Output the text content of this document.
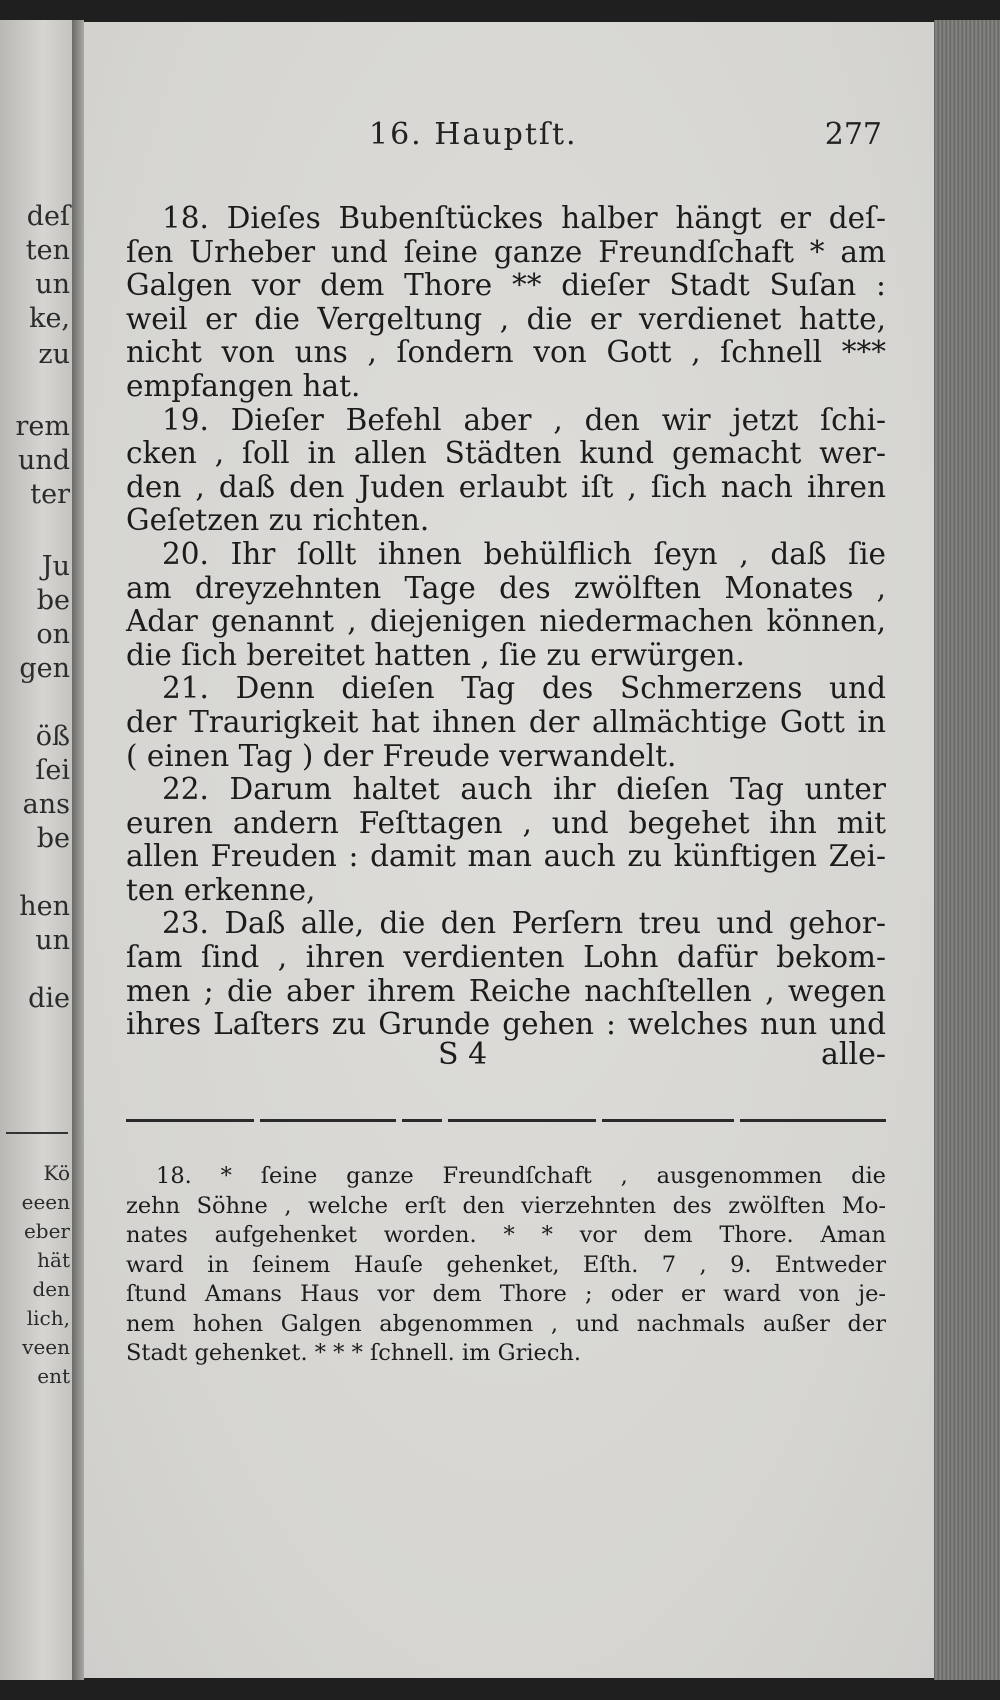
deſ
ten
un
ke,
zu
rem
und
ter
Ju
be
on
gen
öß
ſei
ans
be
hen
un
die
Kö
eeen
eber
hät
den
lich,
veen
ent
16. Hauptſt.	277
18. Dieſes Bubenſtückes halber hängt er deſ-
ſen Urheber und ſeine ganze Freundſchaft * am
Galgen vor dem Thore ** dieſer Stadt Suſan :
weil er die Vergeltung , die er verdienet hatte,
nicht von uns , ſondern von Gott , ſchnell ***
empfangen hat.
19. Dieſer Befehl aber , den wir jetzt ſchi-
cken , ſoll in allen Städten kund gemacht wer-
den , daß den Juden erlaubt iſt , ſich nach ihren
Geſetzen zu richten.
20. Ihr ſollt ihnen behülflich ſeyn , daß ſie
am dreyzehnten Tage des zwölften Monates ,
Adar genannt , diejenigen niedermachen können,
die ſich bereitet hatten , ſie zu erwürgen.
21. Denn dieſen Tag des Schmerzens und
der Traurigkeit hat ihnen der allmächtige Gott in
( einen Tag ) der Freude verwandelt.
22. Darum haltet auch ihr dieſen Tag unter
euren andern Feſttagen , und begehet ihn mit
allen Freuden : damit man auch zu künftigen Zei-
ten erkenne,
23. Daß alle, die den Perſern treu und gehor-
ſam ſind , ihren verdienten Lohn dafür bekom-
men ; die aber ihrem Reiche nachſtellen , wegen
ihres Laſters zu Grunde gehen : welches nun und
S 4	alle-
18. * ſeine ganze Freundſchaft , ausgenommen die
zehn Söhne , welche erſt den vierzehnten des zwölften Mo-
nates aufgehenket worden. * * vor dem Thore. Aman
ward in ſeinem Hauſe gehenket, Eſth. 7 , 9. Entweder
ſtund Amans Haus vor dem Thore ; oder er ward von je-
nem hohen Galgen abgenommen , und nachmals außer der
Stadt gehenket. * * * ſchnell. im Griech.
